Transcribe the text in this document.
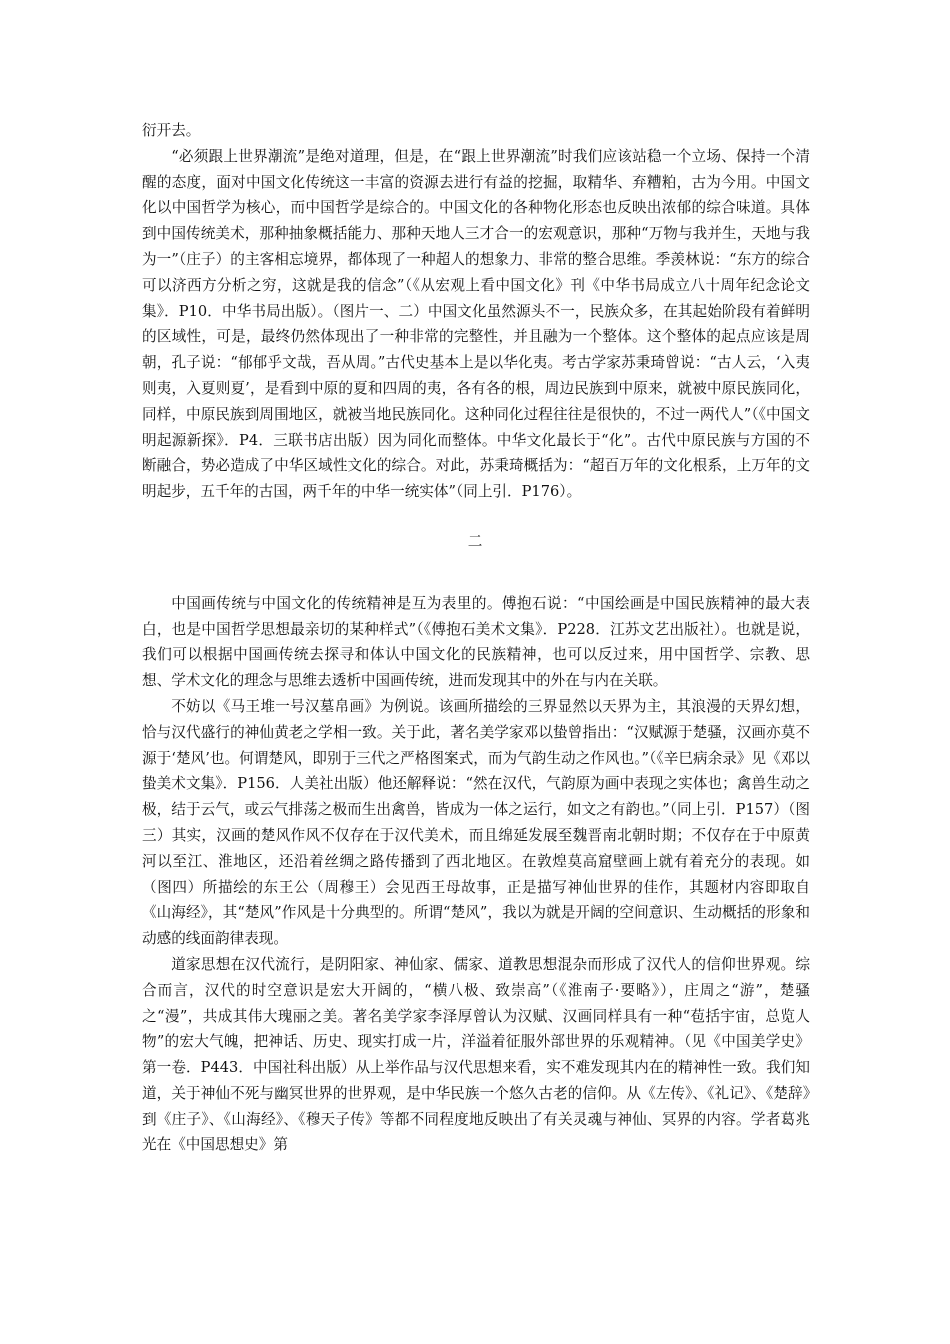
衍开去。

“必须跟上世界潮流”是绝对道理，但是，在“跟上世界潮流”时我们应该站稳一个立场、保持一个清醒的态度，面对中国文化传统这一丰富的资源去进行有益的挖掘，取精华、弃糟粕，古为今用。中国文化以中国哲学为核心，而中国哲学是综合的。中国文化的各种物化形态也反映出浓郁的综合味道。具体到中国传统美术，那种抽象概括能力、那种天地人三才合一的宏观意识，那种“万物与我并生，天地与我为一”（庄子）的主客相忘境界，都体现了一种超人的想象力、非常的整合思维。季羡林说：“东方的综合可以济西方分析之穷，这就是我的信念”（《从宏观上看中国文化》刊《中华书局成立八十周年纪念论文集》．P10．中华书局出版）。（图片一、二）中国文化虽然源头不一，民族众多，在其起始阶段有着鲜明的区域性，可是，最终仍然体现出了一种非常的完整性，并且融为一个整体。这个整体的起点应该是周朝，孔子说：“郁郁乎文哉，吾从周。”古代史基本上是以华化夷。考古学家苏秉琦曾说：“古人云，‘入夷则夷，入夏则夏’，是看到中原的夏和四周的夷，各有各的根，周边民族到中原来，就被中原民族同化，同样，中原民族到周围地区，就被当地民族同化。这种同化过程往往是很快的，不过一两代人”（《中国文明起源新探》．P4．三联书店出版）因为同化而整体。中华文化最长于“化”。古代中原民族与方国的不断融合，势必造成了中华区域性文化的综合。对此，苏秉琦概括为：“超百万年的文化根系，上万年的文明起步，五千年的古国，两千年的中华一统实体”（同上引．P176）。

二

中国画传统与中国文化的传统精神是互为表里的。傅抱石说：“中国绘画是中国民族精神的最大表白，也是中国哲学思想最亲切的某种样式”（《傅抱石美术文集》．P228．江苏文艺出版社）。也就是说，我们可以根据中国画传统去探寻和体认中国文化的民族精神，也可以反过来，用中国哲学、宗教、思想、学术文化的理念与思维去透析中国画传统，进而发现其中的外在与内在关联。

不妨以《马王堆一号汉墓帛画》为例说。该画所描绘的三界显然以天界为主，其浪漫的天界幻想，恰与汉代盛行的神仙黄老之学相一致。关于此，著名美学家邓以蛰曾指出：“汉赋源于楚骚，汉画亦莫不源于‘楚风’也。何谓楚风，即别于三代之严格图案式，而为气韵生动之作风也。”（《辛巳病余录》见《邓以蛰美术文集》．P156．人美社出版）他还解释说：“然在汉代，气韵原为画中表现之实体也；禽兽生动之极，结于云气，或云气排荡之极而生出禽兽，皆成为一体之运行，如文之有韵也。”（同上引．P157）（图三）其实，汉画的楚风作风不仅存在于汉代美术，而且绵延发展至魏晋南北朝时期；不仅存在于中原黄河以至江、淮地区，还沿着丝绸之路传播到了西北地区。在敦煌莫高窟壁画上就有着充分的表现。如（图四）所描绘的东王公（周穆王）会见西王母故事，正是描写神仙世界的佳作，其题材内容即取自《山海经》，其“楚风”作风是十分典型的。所谓“楚风”，我以为就是开阔的空间意识、生动概括的形象和动感的线面韵律表现。

道家思想在汉代流行，是阴阳家、神仙家、儒家、道教思想混杂而形成了汉代人的信仰世界观。综合而言，汉代的时空意识是宏大开阔的，“横八极、致崇高”（《淮南子·要略》），庄周之“游”，楚骚之“漫”，共成其伟大瑰丽之美。著名美学家李泽厚曾认为汉赋、汉画同样具有一种“苞括宇宙，总览人物”的宏大气魄，把神话、历史、现实打成一片，洋溢着征服外部世界的乐观精神。（见《中国美学史》第一卷．P443．中国社科出版）从上举作品与汉代思想来看，实不难发现其内在的精神性一致。我们知道，关于神仙不死与幽冥世界的世界观，是中华民族一个悠久古老的信仰。从《左传》、《礼记》、《楚辞》到《庄子》、《山海经》、《穆天子传》等都不同程度地反映出了有关灵魂与神仙、冥界的内容。学者葛兆光在《中国思想史》第
